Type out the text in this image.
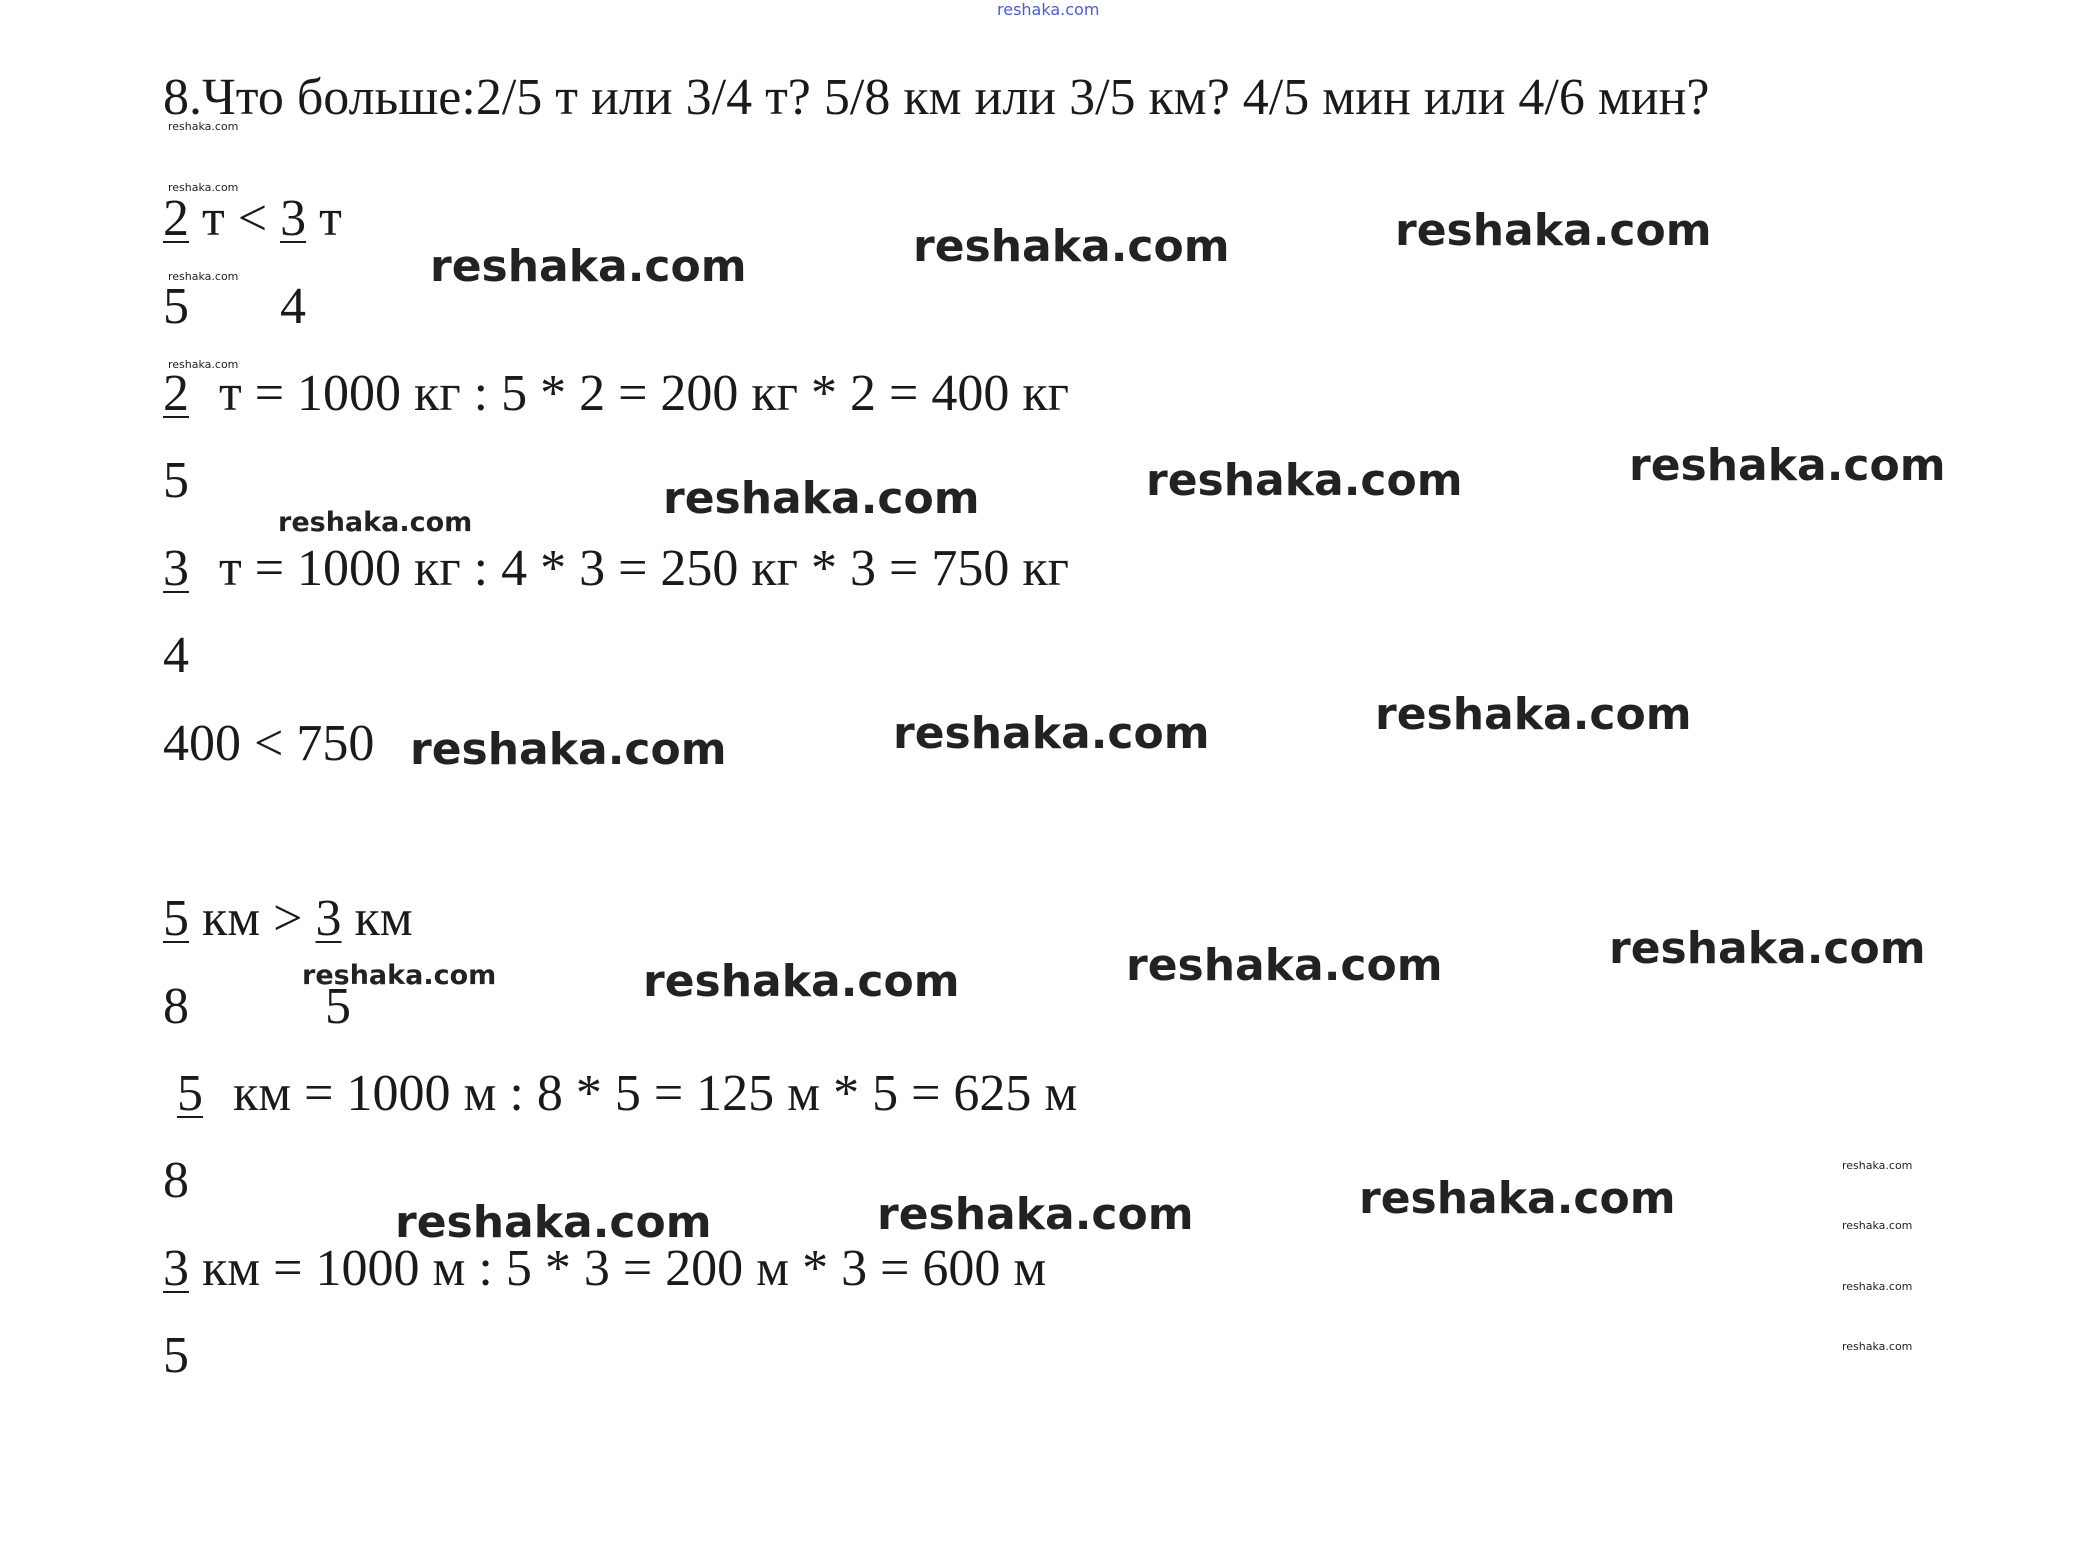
reshaka.com
8.Что больше:2/5 т или 3/4 т? 5/8 км или 3/5 км? 4/5 мин или 4/6 мин?
2 т < 3 т
5 4
2 т = 1000 кг : 5 * 2 = 200 кг * 2 = 400 кг
5
3 т = 1000 кг : 4 * 3 = 250 кг * 3 = 750 кг
4
400 < 750
5 км > 3 км
8	5
5 км = 1000 м : 8 * 5 = 125 м * 5 = 625 м
8
3 км = 1000 м : 5 * 3 = 200 м * 3 = 600 м
5
reshaka.com	reshaka.com	reshaka.com
reshaka.com	reshaka.com	reshaka.com
reshaka.com	reshaka.com	reshaka.com
reshaka.com	reshaka.com	reshaka.com
reshaka.com	reshaka.com	reshaka.com
reshaka.com
reshaka.com
reshaka.com
reshaka.com
reshaka.com
reshaka.com
reshaka.com
reshaka.com
reshaka.com
reshaka.com
